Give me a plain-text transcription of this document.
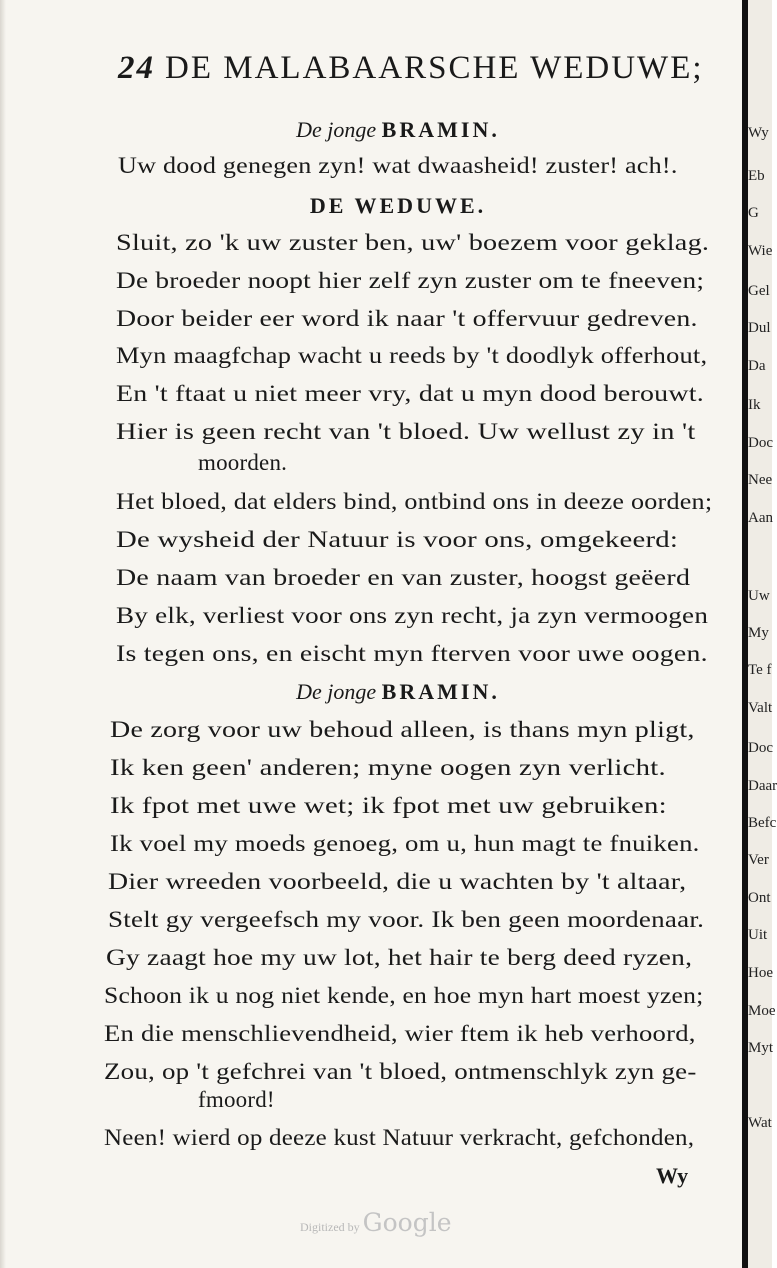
24 DE MALABAARSCHE WEDUWE;
De jonge BRAMIN.
Uw dood genegen zyn! wat dwaasheid! zuster! ach!.
DE WEDUWE.
Sluit, zo 'k uw zuster ben, uw' boezem voor geklag.
De broeder noopt hier zelf zyn zuster om te fneeven;
Door beider eer word ik naar 't offervuur gedreven.
Myn maagfchap wacht u reeds by 't doodlyk offerhout,
En 't ftaat u niet meer vry, dat u myn dood berouwt.
Hier is geen recht van 't bloed. Uw wellust zy in 't
moorden.
Het bloed, dat elders bind, ontbind ons in deeze oorden;
De wysheid der Natuur is voor ons, omgekeerd:
De naam van broeder en van zuster, hoogst geëerd
By elk, verliest voor ons zyn recht, ja zyn vermoogen
Is tegen ons, en eischt myn fterven voor uwe oogen.
De jonge BRAMIN.
De zorg voor uw behoud alleen, is thans myn pligt,
Ik ken geen' anderen; myne oogen zyn verlicht.
Ik fpot met uwe wet; ik fpot met uw gebruiken:
Ik voel my moeds genoeg, om u, hun magt te fnuiken.
Dier wreeden voorbeeld, die u wachten by 't altaar,
Stelt gy vergeefsch my voor. Ik ben geen moordenaar.
Gy zaagt hoe my uw lot, het hair te berg deed ryzen,
Schoon ik u nog niet kende, en hoe myn hart moest yzen;
En die menschlievendheid, wier ftem ik heb verhoord,
Zou, op 't gefchrei van 't bloed, ontmenschlyk zyn ge-
fmoord!
Neen! wierd op deeze kust Natuur verkracht, gefchonden,
Wy
Digitized by Google
Wy
Eb
G
Wie
Gel
Dul
Da
Ik
Doc
Nee
Aan
Uw
My
Te f
Valt
Doc
Daar
Befc
Ver
Ont
Uit
Hoe
Moe
Myt
Wat
